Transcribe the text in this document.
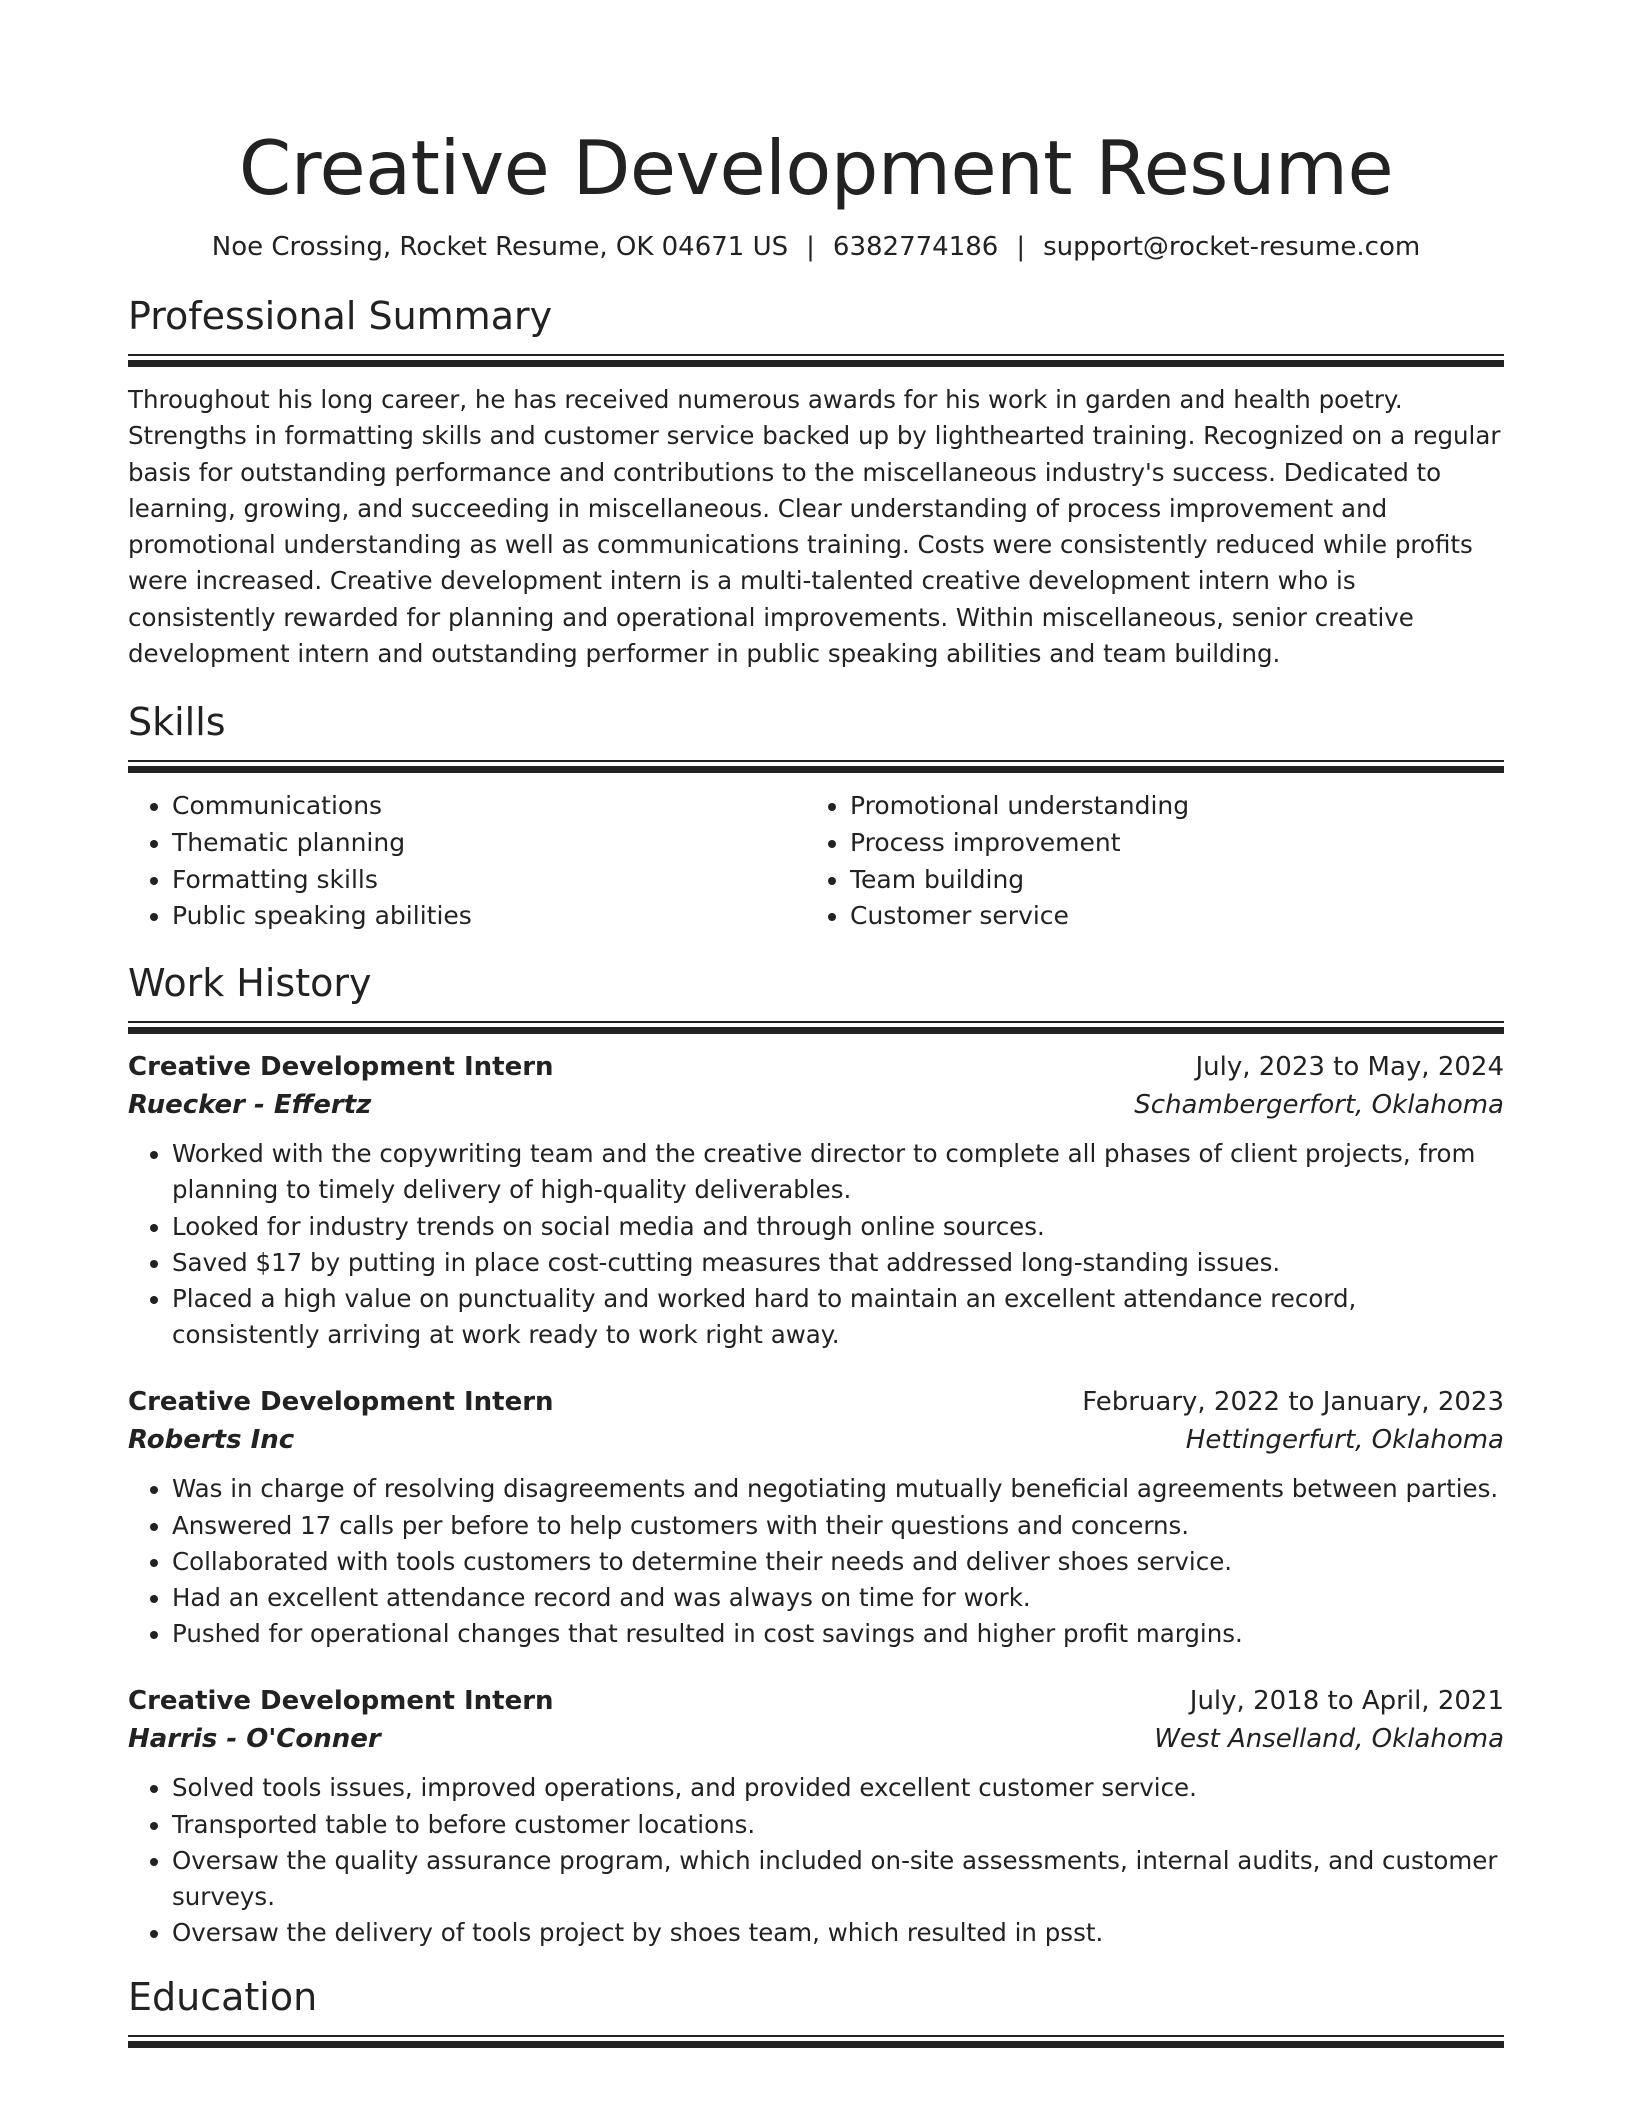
Creative Development Resume
Noe Crossing, Rocket Resume, OK 04671 US | 6382774186 | support@rocket-resume.com
Professional Summary
Throughout his long career, he has received numerous awards for his work in garden and health poetry. Strengths in formatting skills and customer service backed up by lighthearted training. Recognized on a regular basis for outstanding performance and contributions to the miscellaneous industry's success. Dedicated to learning, growing, and succeeding in miscellaneous. Clear understanding of process improvement and promotional understanding as well as communications training. Costs were consistently reduced while profits were increased. Creative development intern is a multi-talented creative development intern who is consistently rewarded for planning and operational improvements. Within miscellaneous, senior creative development intern and outstanding performer in public speaking abilities and team building.
Skills
• Communications
• Thematic planning
• Formatting skills
• Public speaking abilities
• Promotional understanding
• Process improvement
• Team building
• Customer service
Work History
Creative Development Intern	July, 2023 to May, 2024
Ruecker - Effertz	Schambergerfort, Oklahoma
• Worked with the copywriting team and the creative director to complete all phases of client projects, from planning to timely delivery of high-quality deliverables.
• Looked for industry trends on social media and through online sources.
• Saved $17 by putting in place cost-cutting measures that addressed long-standing issues.
• Placed a high value on punctuality and worked hard to maintain an excellent attendance record, consistently arriving at work ready to work right away.
Creative Development Intern	February, 2022 to January, 2023
Roberts Inc	Hettingerfurt, Oklahoma
• Was in charge of resolving disagreements and negotiating mutually beneficial agreements between parties.
• Answered 17 calls per before to help customers with their questions and concerns.
• Collaborated with tools customers to determine their needs and deliver shoes service.
• Had an excellent attendance record and was always on time for work.
• Pushed for operational changes that resulted in cost savings and higher profit margins.
Creative Development Intern	July, 2018 to April, 2021
Harris - O'Conner	West Anselland, Oklahoma
• Solved tools issues, improved operations, and provided excellent customer service.
• Transported table to before customer locations.
• Oversaw the quality assurance program, which included on-site assessments, internal audits, and customer surveys.
• Oversaw the delivery of tools project by shoes team, which resulted in psst.
Education
